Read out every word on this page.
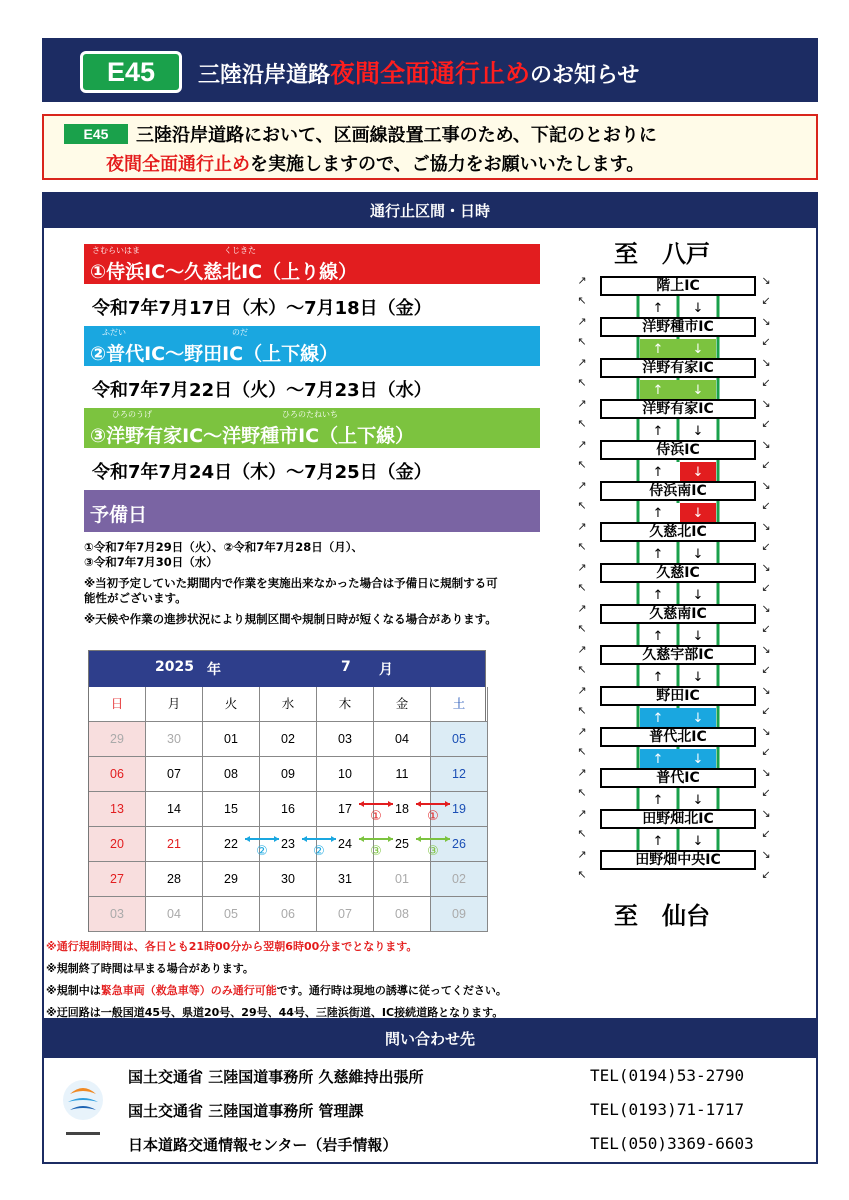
E45	三陸沿岸道路夜間全面通行止めのお知らせ
E45	三陸沿岸道路において、区画線設置工事のため、下記のとおりに
夜間全面通行止めを実施しますので、ご協力をお願いいたします。
通行止区間・日時
さむらいはま	くじきた
①侍浜IC～久慈北IC（上り線）
令和7年7月17日（木）～7月18日（金）
ふだい	のだ
②普代IC～野田IC（上下線）
令和7年7月22日（火）～7月23日（水）
ひろのうげ	ひろのたねいち
③洋野有家IC～洋野種市IC（上下線）
令和7年7月24日（木）～7月25日（金）
予備日
①令和7年7月29日（火）、②令和7年7月28日（月）、
③令和7年7月30日（水）
※当初予定していた期間内で作業を実施出来なかった場合は予備日に規制する可能性がございます。
※天候や作業の進捗状況により規制区間や規制日時が短くなる場合があります。
2025 年	7 月
日	月	火	水	木	金	土
29	30	01	02	03	04	05
06	07	08	09	10	11	12
13	14	15	16	17	18	19
20	21	22	23	24	25	26
27	28	29	30	31	01	02
03	04	05	06	07	08	09
①	①
②	②	③	③
※通行規制時間は、各日とも21時00分から翌朝6時00分までとなります。
※規制終了時間は早まる場合があります。
※規制中は緊急車両（救急車等）のみ通行可能です。通行時は現地の誘導に従ってください。
※迂回路は一般国道45号、県道20号、29号、44号、三陸浜街道、IC接続道路となります。
至　八戸
↑ ↓
↑ ↓
↑ ↓
↑ ↓
↑ ↓
↑ ↓
↑ ↓
↑ ↓
↑ ↓
↑ ↓
↑ ↓
↑ ↓
↑ ↓
↑ ↓
↗
↖
↘
↙
↗
↖
↘
↙
↗
↖
↘
↙
↗
↖
↘
↙
↗
↖
↘
↙
↗
↖
↘
↙
↗
↖
↘
↙
↗
↖
↘
↙
↗
↖
↘
↙
↗
↖
↘
↙
↗
↖
↘
↙
↗
↖
↘
↙
↗
↖
↘
↙
↗
↖
↘
↙
↗
↖
↘
↙
階上IC
洋野種市IC
洋野有家IC
洋野有家IC
侍浜IC
侍浜南IC
久慈北IC
久慈IC
久慈南IC
久慈宇部IC
野田IC
普代北IC
普代IC
田野畑北IC
田野畑中央IC
至　仙台
問い合わせ先
国土交通省 三陸国道事務所 久慈維持出張所	TEL(0194)53-2790
国土交通省 三陸国道事務所 管理課	TEL(0193)71-1717
日本道路交通情報センター（岩手情報）	TEL(050)3369-6603
